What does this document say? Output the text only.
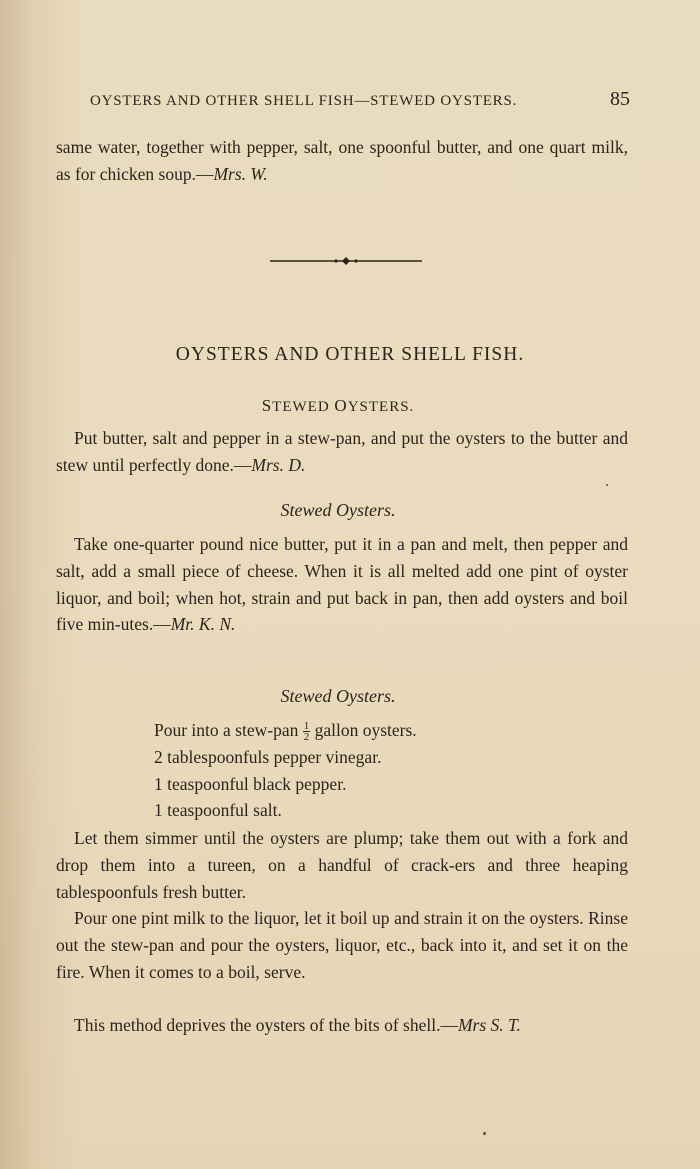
OYSTERS AND OTHER SHELL FISH—STEWED OYSTERS.	85

same water, together with pepper, salt, one spoonful butter, and one quart milk, as for chicken soup.—Mrs. W.

OYSTERS AND OTHER SHELL FISH.
STEWED OYSTERS.

Put butter, salt and pepper in a stew-pan, and put the oysters to the butter and stew until perfectly done.—Mrs. D.

Stewed Oysters.

Take one-quarter pound nice butter, put it in a pan and melt, then pepper and salt, add a small piece of cheese. When it is all melted add one pint of oyster liquor, and boil; when hot, strain and put back in pan, then add oysters and boil five min-utes.—Mr. K. N.

Stewed Oysters.
Pour into a stew-pan $\frac{1}{2}$ gallon oysters.
2 tablespoonfuls pepper vinegar.
1 teaspoonful black pepper.
1 teaspoonful salt.

Let them simmer until the oysters are plump; take them out with a fork and drop them into a tureen, on a handful of crack-ers and three heaping tablespoonfuls fresh butter.

Pour one pint milk to the liquor, let it boil up and strain it on the oysters. Rinse out the stew-pan and pour the oysters, liquor, etc., back into it, and set it on the fire. When it comes to a boil, serve.

This method deprives the oysters of the bits of shell.—Mrs S. T.
